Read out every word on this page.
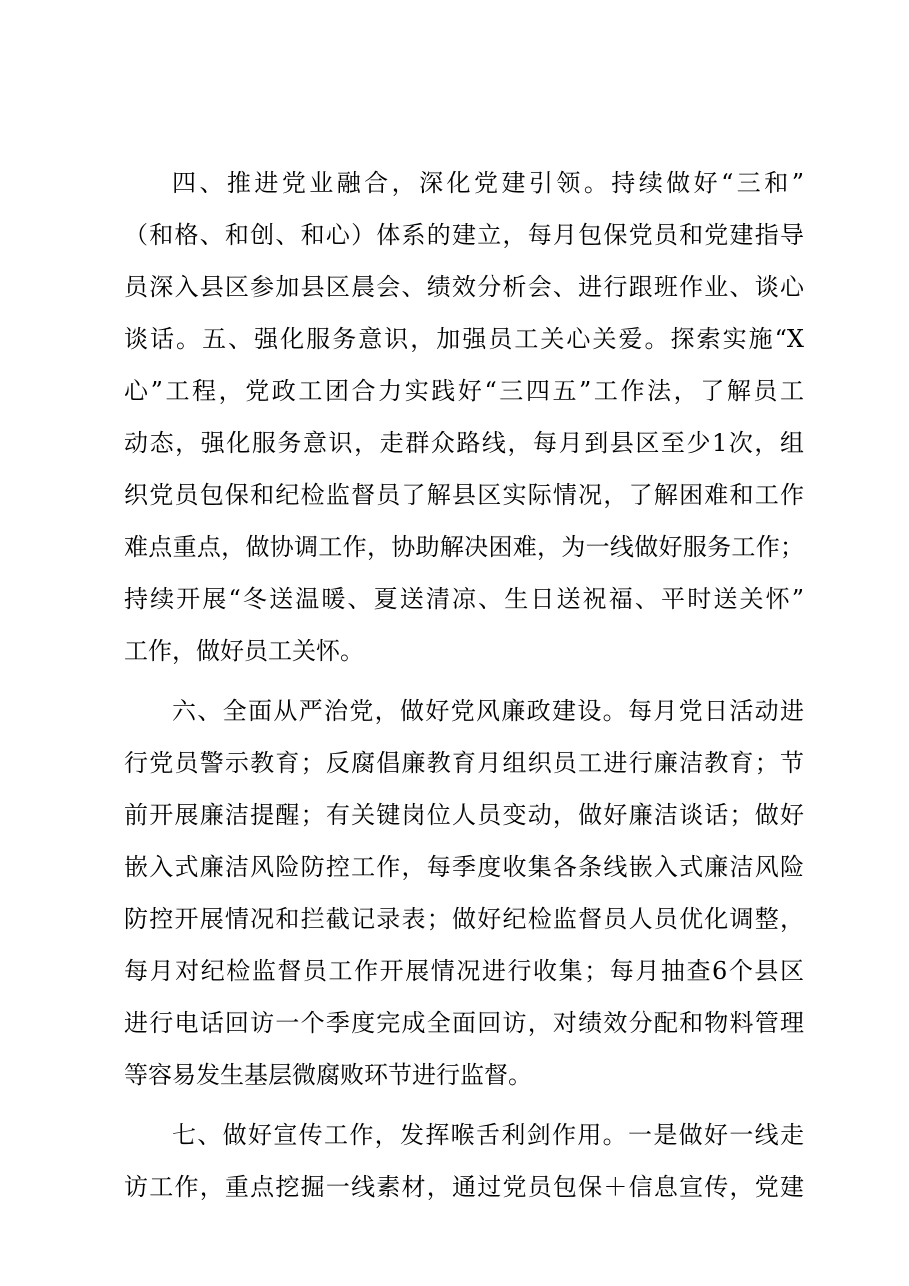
四、推进党业融合，深化党建引领。持续做好“三和”
（和格、和创、和心）体系的建立，每月包保党员和党建指导
员深入县区参加县区晨会、绩效分析会、进行跟班作业、谈心
谈话。五、强化服务意识，加强员工关心关爱。探索实施“X
心”工程，党政工团合力实践好“三四五”工作法，了解员工
动态，强化服务意识，走群众路线，每月到县区至少1次，组
织党员包保和纪检监督员了解县区实际情况，了解困难和工作
难点重点，做协调工作，协助解决困难，为一线做好服务工作；
持续开展“冬送温暖、夏送清凉、生日送祝福、平时送关怀”
工作，做好员工关怀。
六、全面从严治党，做好党风廉政建设。每月党日活动进
行党员警示教育；反腐倡廉教育月组织员工进行廉洁教育；节
前开展廉洁提醒；有关键岗位人员变动，做好廉洁谈话；做好
嵌入式廉洁风险防控工作，每季度收集各条线嵌入式廉洁风险
防控开展情况和拦截记录表；做好纪检监督员人员优化调整，
每月对纪检监督员工作开展情况进行收集；每月抽查6个县区
进行电话回访一个季度完成全面回访，对绩效分配和物料管理
等容易发生基层微腐败环节进行监督。
七、做好宣传工作，发挥喉舌利剑作用。一是做好一线走
访工作，重点挖掘一线素材，通过党员包保＋信息宣传，党建
